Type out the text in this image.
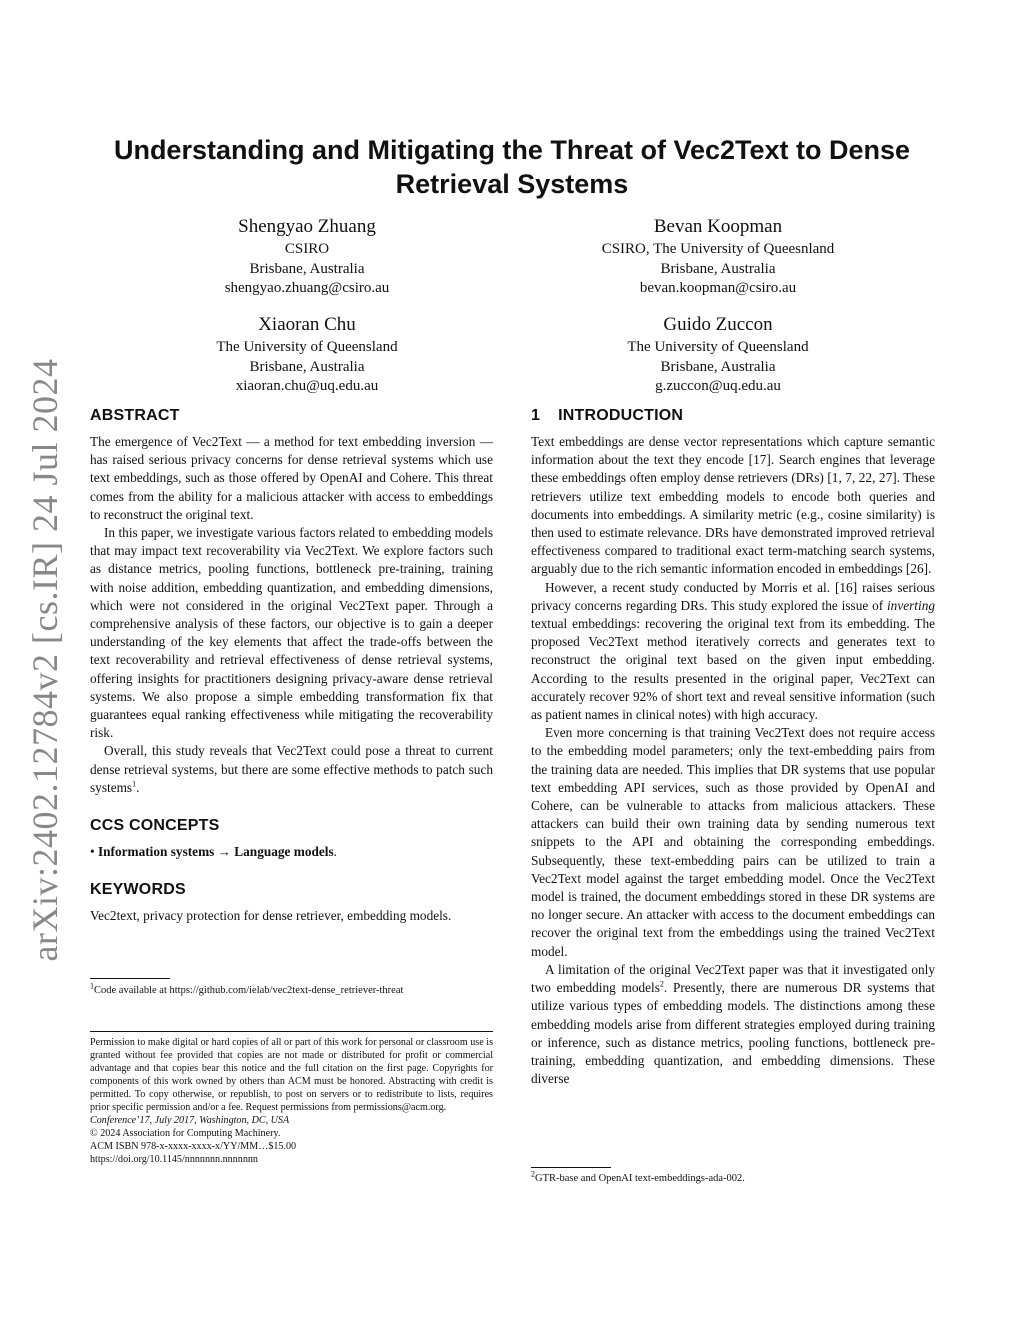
arXiv:2402.12784v2 [cs.IR] 24 Jul 2024
Understanding and Mitigating the Threat of Vec2Text to Dense Retrieval Systems
Shengyao Zhuang
CSIRO
Brisbane, Australia
shengyao.zhuang@csiro.au
Bevan Koopman
CSIRO, The University of Queesnland
Brisbane, Australia
bevan.koopman@csiro.au
Xiaoran Chu
The University of Queensland
Brisbane, Australia
xiaoran.chu@uq.edu.au
Guido Zuccon
The University of Queensland
Brisbane, Australia
g.zuccon@uq.edu.au
ABSTRACT

The emergence of Vec2Text — a method for text embedding inversion — has raised serious privacy concerns for dense retrieval systems which use text embeddings, such as those offered by OpenAI and Cohere. This threat comes from the ability for a malicious attacker with access to embeddings to reconstruct the original text.

In this paper, we investigate various factors related to embedding models that may impact text recoverability via Vec2Text. We explore factors such as distance metrics, pooling functions, bottleneck pre-training, training with noise addition, embedding quantization, and embedding dimensions, which were not considered in the original Vec2Text paper. Through a comprehensive analysis of these factors, our objective is to gain a deeper understanding of the key elements that affect the trade-offs between the text recoverability and retrieval effectiveness of dense retrieval systems, offering insights for practitioners designing privacy-aware dense retrieval systems. We also propose a simple embedding transformation fix that guarantees equal ranking effectiveness while mitigating the recoverability risk.

Overall, this study reveals that Vec2Text could pose a threat to current dense retrieval systems, but there are some effective methods to patch such systems$^1$.

CCS CONCEPTS

• Information systems → Language models.

KEYWORDS

Vec2text, privacy protection for dense retriever, embedding models.

$^1$Code available at https://github.com/ielab/vec2text-dense_retriever-threat
Permission to make digital or hard copies of all or part of this work for personal or classroom use is granted without fee provided that copies are not made or distributed for profit or commercial advantage and that copies bear this notice and the full citation on the first page. Copyrights for components of this work owned by others than ACM must be honored. Abstracting with credit is permitted. To copy otherwise, or republish, to post on servers or to redistribute to lists, requires prior specific permission and/or a fee. Request permissions from permissions@acm.org.
Conference’17, July 2017, Washington, DC, USA
© 2024 Association for Computing Machinery.
ACM ISBN 978-x-xxxx-xxxx-x/YY/MM…$15.00
https://doi.org/10.1145/nnnnnnn.nnnnnnn
1 INTRODUCTION

Text embeddings are dense vector representations which capture semantic information about the text they encode [17]. Search engines that leverage these embeddings often employ dense retrievers (DRs) [1, 7, 22, 27]. These retrievers utilize text embedding models to encode both queries and documents into embeddings. A similarity metric (e.g., cosine similarity) is then used to estimate relevance. DRs have demonstrated improved retrieval effectiveness compared to traditional exact term-matching search systems, arguably due to the rich semantic information encoded in embeddings [26].

However, a recent study conducted by Morris et al. [16] raises serious privacy concerns regarding DRs. This study explored the issue of inverting textual embeddings: recovering the original text from its embedding. The proposed Vec2Text method iteratively corrects and generates text to reconstruct the original text based on the given input embedding. According to the results presented in the original paper, Vec2Text can accurately recover 92% of short text and reveal sensitive information (such as patient names in clinical notes) with high accuracy.

Even more concerning is that training Vec2Text does not require access to the embedding model parameters; only the text-embedding pairs from the training data are needed. This implies that DR systems that use popular text embedding API services, such as those provided by OpenAI and Cohere, can be vulnerable to attacks from malicious attackers. These attackers can build their own training data by sending numerous text snippets to the API and obtaining the corresponding embeddings. Subsequently, these text-embedding pairs can be utilized to train a Vec2Text model against the target embedding model. Once the Vec2Text model is trained, the document embeddings stored in these DR systems are no longer secure. An attacker with access to the document embeddings can recover the original text from the embeddings using the trained Vec2Text model.

A limitation of the original Vec2Text paper was that it investigated only two embedding models$^2$. Presently, there are numerous DR systems that utilize various types of embedding models. The distinctions among these embedding models arise from different strategies employed during training or inference, such as distance metrics, pooling functions, bottleneck pre-training, embedding quantization, and embedding dimensions. These diverse

$^2$GTR-base and OpenAI text-embeddings-ada-002.
